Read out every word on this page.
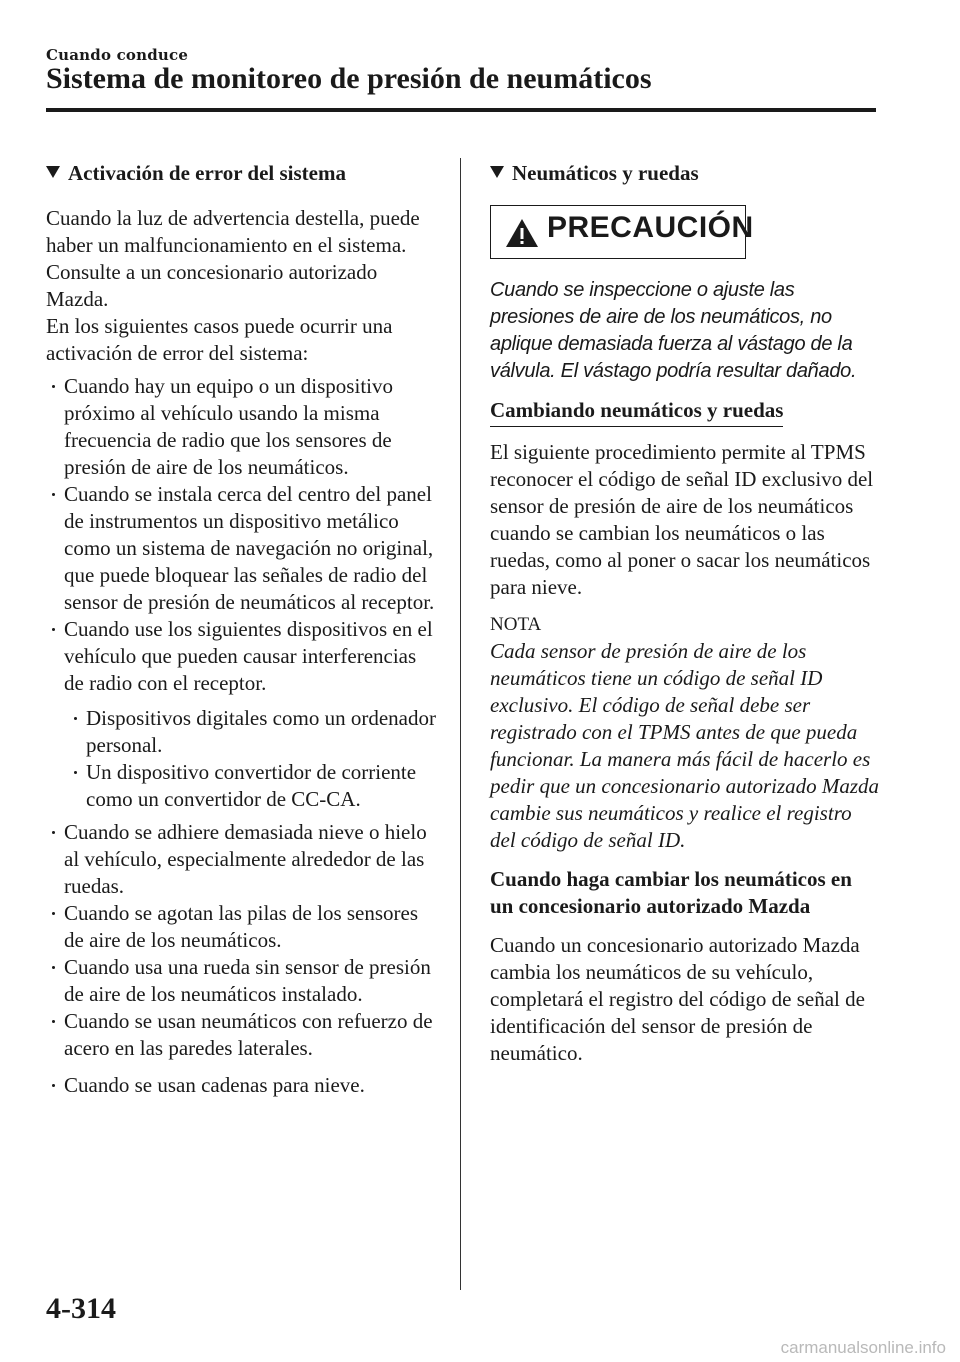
Cuando conduce
Sistema de monitoreo de presión de neumáticos
Activación de error del sistema

Cuando la luz de advertencia destella, puede haber un malfuncionamiento en el sistema. Consulte a un concesionario autorizado Mazda.

En los siguientes casos puede ocurrir una activación de error del sistema:

Cuando hay un equipo o un dispositivo próximo al vehículo usando la misma frecuencia de radio que los sensores de presión de aire de los neumáticos.
Cuando se instala cerca del centro del panel de instrumentos un dispositivo metálico como un sistema de navegación no original, que puede bloquear las señales de radio del sensor de presión de neumáticos al receptor.
Cuando use los siguientes dispositivos en el vehículo que pueden causar interferencias de radio con el receptor.
Dispositivos digitales como un ordenador personal.
Un dispositivo convertidor de corriente como un convertidor de CC-CA.
Cuando se adhiere demasiada nieve o hielo al vehículo, especialmente alrededor de las ruedas.
Cuando se agotan las pilas de los sensores de aire de los neumáticos.
Cuando usa una rueda sin sensor de presión de aire de los neumáticos instalado.
Cuando se usan neumáticos con refuerzo de acero en las paredes laterales.
Cuando se usan cadenas para nieve.
Neumáticos y ruedas
PRECAUCIÓN

Cuando se inspeccione o ajuste las presiones de aire de los neumáticos, no aplique demasiada fuerza al vástago de la válvula. El vástago podría resultar dañado.

Cambiando neumáticos y ruedas

El siguiente procedimiento permite al TPMS reconocer el código de señal ID exclusivo del sensor de presión de aire de los neumáticos cuando se cambian los neumáticos o las ruedas, como al poner o sacar los neumáticos para nieve.

NOTA

Cada sensor de presión de aire de los neumáticos tiene un código de señal ID exclusivo. El código de señal debe ser registrado con el TPMS antes de que pueda funcionar. La manera más fácil de hacerlo es pedir que un concesionario autorizado Mazda cambie sus neumáticos y realice el registro del código de señal ID.

Cuando haga cambiar los neumáticos en un concesionario autorizado Mazda

Cuando un concesionario autorizado Mazda cambia los neumáticos de su vehículo, completará el registro del código de señal de identificación del sensor de presión de neumático.

4-314
carmanualsonline.info
